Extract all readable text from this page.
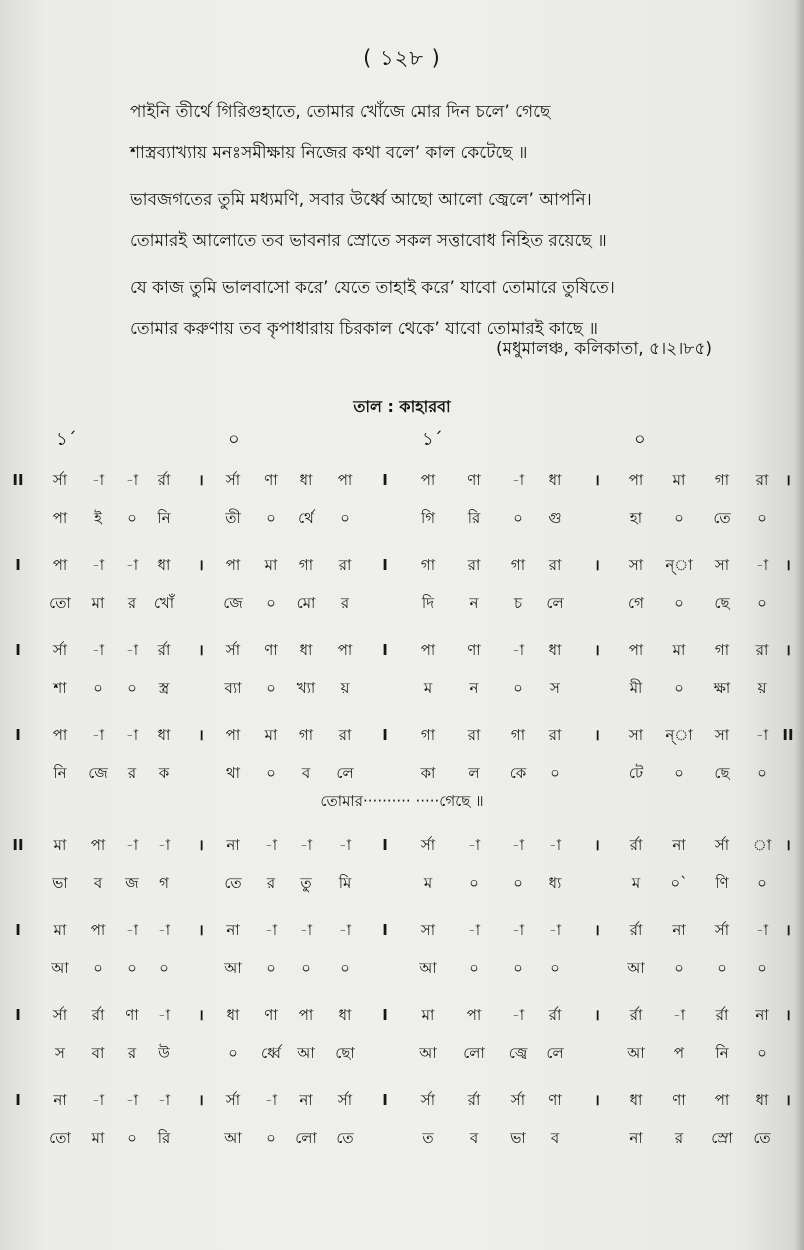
( ১২৮ )
পাইনি তীর্থে গিরিগুহাতে, তোমার খোঁজে মোর দিন চলে’ গেছে
শাস্ত্রব্যাখ্যায় মনঃসমীক্ষায় নিজের কথা বলে’ কাল কেটেছে ॥
ভাবজগতের তুমি মধ্যমণি, সবার উর্ধ্বে আছো আলো জ্বেলে’ আপনি।
তোমারই আলোতে তব ভাবনার স্রোতে সকল সত্তাবোধ নিহিত রয়েছে ॥
যে কাজ তুমি ভালবাসো করে’ যেতে তাহাই করে’ যাবো তোমারে তুষিতে।
তোমার করুণায় তব কৃপাধারায় চিরকাল থেকে’ যাবো তোমারই কাছে ॥
(মধুমালঞ্চ, কলিকাতা, ৫।২।৮৫)
তাল : কাহারবা
১´	০	১´	০
II	র্সা	-া	-া	র্রা	।	র্সা	ণা	ধা	পা	I	পা	ণা	-া	ধা	।	পা	মা	গা	রা	।
পা	ই	০	নি	তী	০	র্থে	০	গি	রি	০	গু	হা	০	তে	০
I	পা	-া	-া	ধা	।	পা	মা	গা	রা	I	গা	রা	গা	রা	।	সা	ন্‌া	সা	-া	।
তো	মা	র	খোঁ	জে	০	মো	র	দি	ন	চ	লে	গে	০	ছে	০
I	র্সা	-া	-া	র্রা	।	র্সা	ণা	ধা	পা	I	পা	ণা	-া	ধা	।	পা	মা	গা	রা	।
শা	০	০	স্ত্র	ব্যা	০	খ্যা	য়	ম	ন	০	স	মী	০	ক্ষা	য়
I	পা	-া	-া	ধা	।	পা	মা	গা	রা	I	গা	রা	গা	রা	।	সা	ন্‌া	সা	-া II
নি	জে	র	ক	থা	০	ব	লে	কা	ল	কে	০	টে	০	ছে	০
তোমার·········· ·····গেছে ॥
II	মা	পা	-া	-া	।	না	-া	-া	-া	I	র্সা	-া	-া	-া	।	র্রা	না	র্সা	া ।
ভা	ব	জ	গ	তে	র	তু	মি	ম	০	০	ধ্য	ম	০`	ণি	০
I	মা	পা	-া	-া	।	না	-া	-া	-া	I	সা	-া	-া	-া	।	র্রা	না	র্সা	-া	।
আ	০	০	০	আ	০	০	০	আ	০	০	০	আ	০	০	০
I	র্সা	র্রা	ণা	-া	।	ধা	ণা	পা	ধা	I	মা	পা	-া	র্রা	।	র্রা	-া	র্রা	না	।
স	বা	র	উ	০	র্ধ্বে	আ	ছো	আ	লো	জ্বে	লে	আ	প	নি	০
I	না	-া	-া	-া	।	র্সা	-া	না	র্সা	I	র্সা	র্রা	র্সা	ণা	।	ধা	ণা	পা	ধা	।
তো	মা	০	রি	আ	০	লো	তে	ত	ব	ভা	ব	না	র	স্রো	তে
